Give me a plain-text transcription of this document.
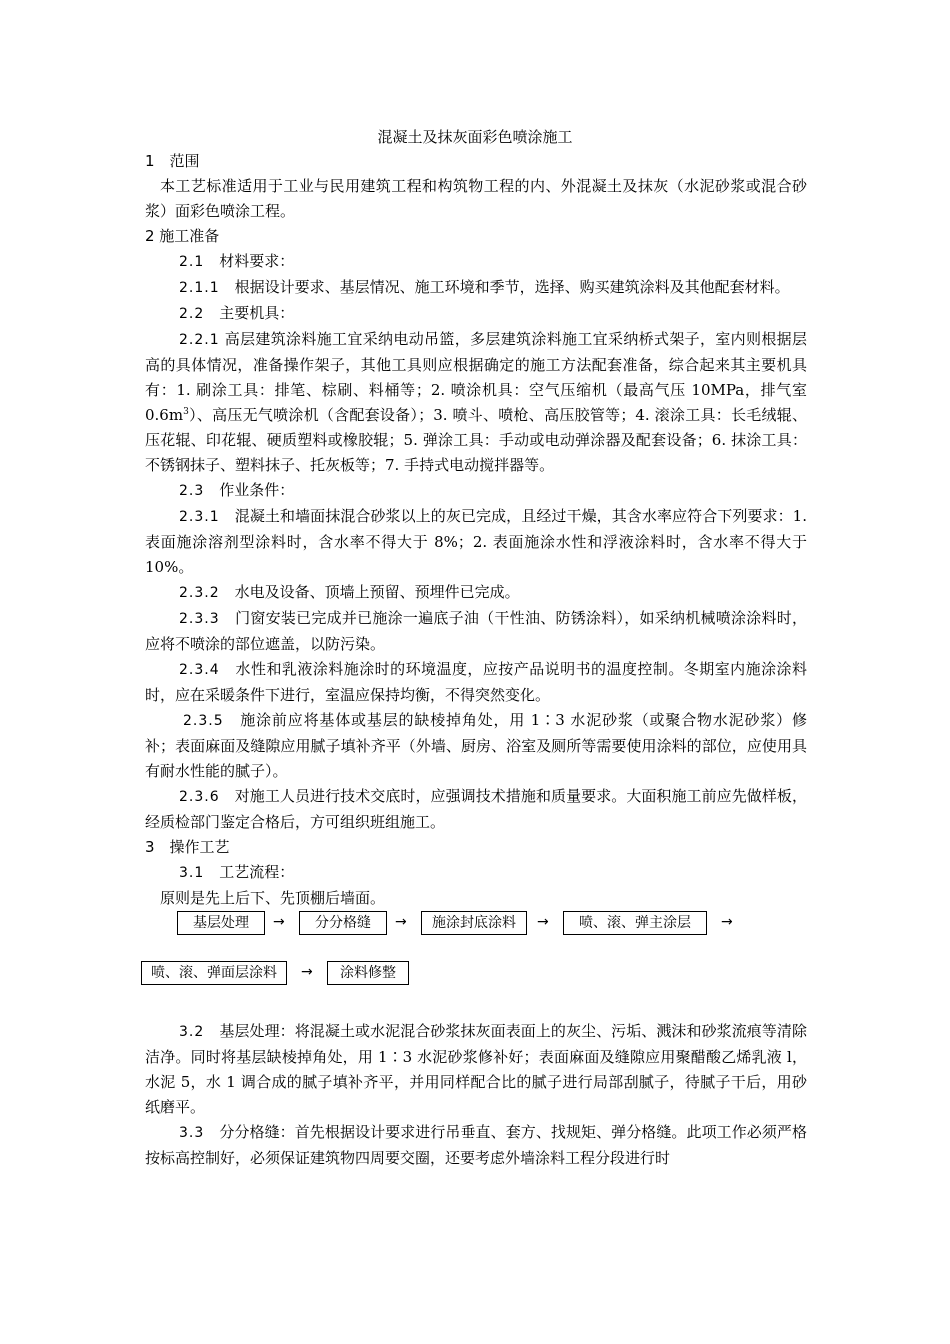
混凝土及抹灰面彩色喷涂施工

1　范围

本工艺标准适用于工业与民用建筑工程和构筑物工程的内、外混凝土及抹灰（水泥砂浆或混合砂浆）面彩色喷涂工程。

2 施工准备

2.1　 材料要求：

2.1.1　 根据设计要求、基层情况、施工环境和季节，选择、购买建筑涂料及其他配套材料。

2.2　 主要机具：

2.2.1 高层建筑涂料施工宜采纳电动吊篮，多层建筑涂料施工宜采纳桥式架子，室内则根据层高的具体情况，准备操作架子，其他工具则应根据确定的施工方法配套准备，综合起来其主要机具有：1. 刷涂工具：排笔、棕刷、料桶等；2. 喷涂机具：空气压缩机（最高气压 10MPa，排气室 $0.6m^3$）、高压无气喷涂机（含配套设备）；3. 喷斗、喷枪、高压胶管等；4. 滚涂工具：长毛绒辊、压花辊、印花辊、硬质塑料或橡胶辊；5. 弹涂工具：手动或电动弹涂器及配套设备；6. 抹涂工具：不锈钢抹子、塑料抹子、托灰板等；7. 手持式电动搅拌器等。

2.3　 作业条件：

2.3.1　 混凝土和墙面抹混合砂浆以上的灰已完成，且经过干燥，其含水率应符合下列要求：1. 表面施涂溶剂型涂料时，含水率不得大于 8%；2. 表面施涂水性和浮液涂料时，含水率不得大于 10%。

2.3.2　 水电及设备、顶墙上预留、预埋件已完成。

2.3.3　 门窗安装已完成并已施涂一遍底子油（干性油、防锈涂料），如采纳机械喷涂涂料时，应将不喷涂的部位遮盖，以防污染。

2.3.4　 水性和乳液涂料施涂时的环境温度，应按产品说明书的温度控制。冬期室内施涂涂料时，应在采暖条件下进行，室温应保持均衡，不得突然变化。

2.3.5　 施涂前应将基体或基层的缺棱掉角处，用 1∶3 水泥砂浆（或聚合物水泥砂浆）修补；表面麻面及缝隙应用腻子填补齐平（外墙、厨房、浴室及厕所等需要使用涂料的部位，应使用具有耐水性能的腻子）。

2.3.6　 对施工人员进行技术交底时，应强调技术措施和质量要求。大面积施工前应先做样板，经质检部门鉴定合格后，方可组织班组施工。

3　操作工艺

3.1　 工艺流程：

原则是先上后下、先顶棚后墙面。

基层处理	→	分分格缝	→	施涂封底涂料	→	喷、滚、弹主涂层	→
喷、滚、弹面层涂料	→	涂料修整

3.2　 基层处理：将混凝土或水泥混合砂浆抹灰面表面上的灰尘、污垢、溅沫和砂浆流痕等清除洁净。同时将基层缺棱掉角处，用 1∶3 水泥砂浆修补好；表面麻面及缝隙应用聚醋酸乙烯乳液 l，水泥 5，水 1 调合成的腻子填补齐平，并用同样配合比的腻子进行局部刮腻子，待腻子干后，用砂纸磨平。

3.3　 分分格缝：首先根据设计要求进行吊垂直、套方、找规矩、弹分格缝。此项工作必须严格按标高控制好，必须保证建筑物四周要交圈，还要考虑外墙涂料工程分段进行时
